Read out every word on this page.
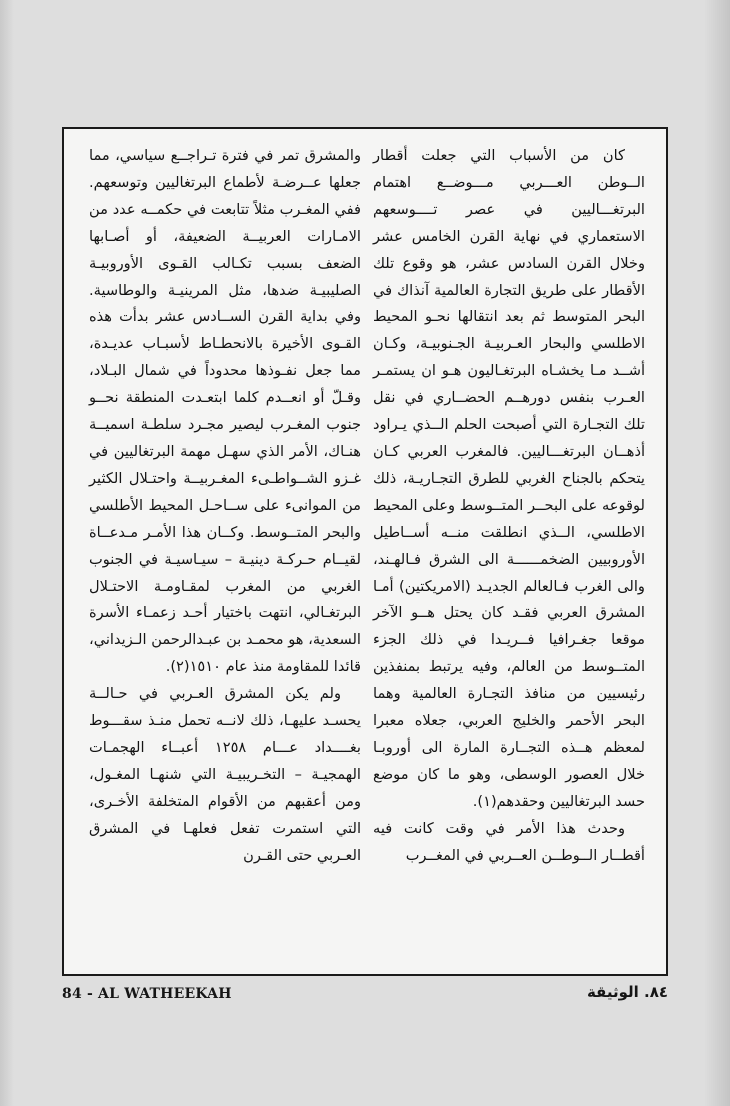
كان من الأسباب التي جعلت أقطار الــوطن العـــربي مـــوضــع اهتمام البرتغـــاليين في عصر تــــوسعهم الاستعماري في نهاية القرن الخامس عشر وخلال القرن السادس عشر، هو وقوع تلك الأقطار على طريق التجارة العالمية آنذاك في البحر المتوسط ثم بعد انتقالها نحـو المحيط الاطلسي والبحار العـربيـة الجـنوبيـة، وكـان أشــد مـا يخشـاه البرتغـاليون هـو ان يستمـر العـرب بنفس دورهــم الحضــاري في نقل تلك التجـارة التي أصبحت الحلم الــذي يـراود أذهــان البرتغـــاليين. فالمغرب العربي كـان يتحكم بالجناح الغربي للطرق التجـاريـة، ذلك لوقوعه على البحــر المتــوسط وعلى المحيط الاطلسي، الــذي انطلقت منــه أســاطيل الأوروبيين الضخمــــــة الى الشرق فـالهـند، والى الغرب فـالعالم الجديـد (الامريكتين) أمـا المشرق العربي فقـد كان يحتل هــو الآخر موقعا جغـرافيا فــريـدا في ذلك الجزء المتــوسط من العالم، وفيه يرتبط بمنفذين رئيسيين من منافذ التجـارة العالمية وهما البحر الأحمر والخليج العربي، جعلاه معبرا لمعظم هــذه التجــارة المارة الى أوروبـا خلال العصور الوسطى، وهو ما كان موضع حسد البرتغاليين وحقدهم(١).

وحدث هذا الأمر في وقت كانت فيه أقطــار الــوطــن العــربي في المغــرب

والمشرق تمر في فترة تـراجــع سياسي، مما جعلها عــرضـة لأطماع البرتغاليين وتوسعهم. ففي المغـرب مثلاً تتابعت في حكمــه عدد من الامـارات العربيــة الضعيفة، أو أصـابها الضعف بسبب تكـالب القـوى الأوروبيـة الصليبيـة ضدها، مثل المرينيـة والوطاسية. وفي بداية القرن الســادس عشر بدأت هذه القـوى الأخيرة بالانحطـاط لأسبـاب عديـدة، مما جعل نفـوذها محدوداً في شمال البـلاد، وقـلّ أو انعــدم كلما ابتعـدت المنطقة نحــو جنوب المغـرب ليصير مجـرد سلطـة اسميــة هنـاك، الأمر الذي سهـل مهمة البرتغاليين في غـزو الشــواطـىء المغـربيــة واحتـلال الكثير من الموانىء على ســاحـل المحيط الأطلسي والبحر المتــوسط. وكــان هذا الأمـر مـدعــاة لقيــام حـركـة دينيـة – سيـاسيـة في الجنوب الغربي من المغرب لمقـاومـة الاحتـلال البرتغـالي، انتهت باختيار أحـد زعمـاء الأسرة السعدية، هو محمـد بن عبـدالرحمن الـزيداني، قائدا للمقاومة منذ عام ١٥١٠(٢).

ولم يكن المشرق العـربي في حـالــة يحسـد عليهـا، ذلك لانــه تحمل منـذ سقـــوط بغــــداد عـــام ١٢٥٨ أعبــاء الهجمـات الهمجيـة – التخـريبيـة التي شنهـا المغـول، ومن أعقبهم من الأقوام المتخلفة الأخـرى، التي استمرت تفعل فعلهـا في المشرق العـربي حتى القـرن

84 - AL WATHEEKAH	٨٤. الوثيقة
